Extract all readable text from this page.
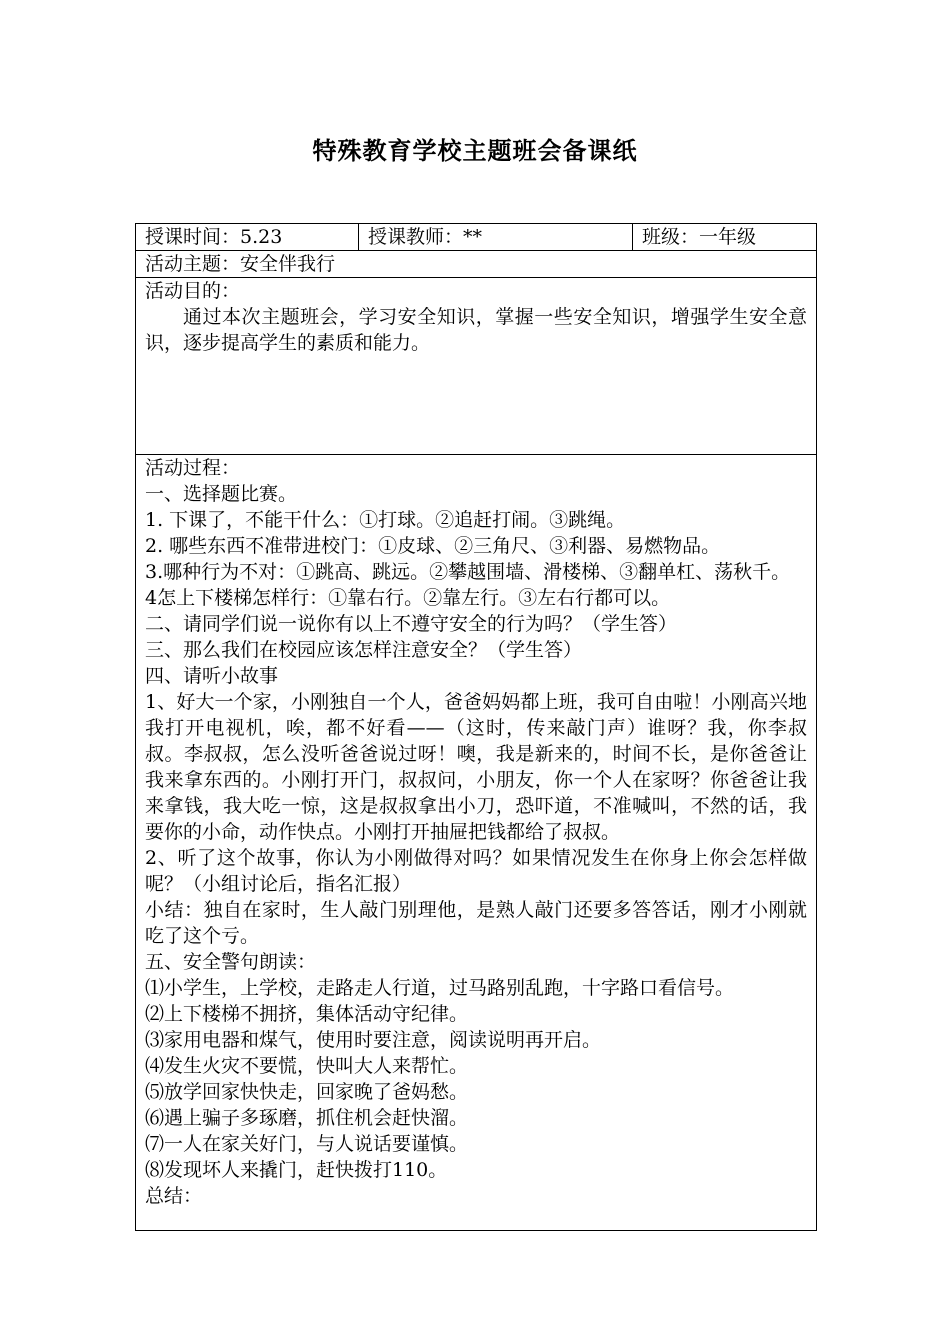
特殊教育学校主题班会备课纸
授课时间：5.23	授课教师：**	班级：一年级
活动主题：安全伴我行

活动目的：
通过本次主题班会，学习安全知识，掌握一些安全知识，增强学生安全意识，逐步提高学生的素质和能力。

活动过程：
一、选择题比赛。
1. 下课了，不能干什么：①打球。②追赶打闹。③跳绳。
2. 哪些东西不准带进校门：①皮球、②三角尺、③利器、易燃物品。
3.哪种行为不对：①跳高、跳远。②攀越围墙、滑楼梯、③翻单杠、荡秋千。
4怎上下楼梯怎样行：①靠右行。②靠左行。③左右行都可以。
二、请同学们说一说你有以上不遵守安全的行为吗？（学生答）
三、那么我们在校园应该怎样注意安全？（学生答）
四、请听小故事
1、好大一个家，小刚独自一个人，爸爸妈妈都上班，我可自由啦！小刚高兴地我打开电视机，唉，都不好看——（这时，传来敲门声）谁呀？我，你李叔叔。李叔叔，怎么没听爸爸说过呀！噢，我是新来的，时间不长，是你爸爸让我来拿东西的。小刚打开门，叔叔问，小朋友，你一个人在家呀？你爸爸让我来拿钱，我大吃一惊，这是叔叔拿出小刀，恐吓道，不准喊叫，不然的话，我要你的小命，动作快点。小刚打开抽屉把钱都给了叔叔。
2、听了这个故事，你认为小刚做得对吗？如果情况发生在你身上你会怎样做呢？（小组讨论后，指名汇报）
小结：独自在家时，生人敲门别理他，是熟人敲门还要多答答话，刚才小刚就吃了这个亏。
五、安全警句朗读：
⑴小学生，上学校，走路走人行道，过马路别乱跑，十字路口看信号。
⑵上下楼梯不拥挤，集体活动守纪律。
⑶家用电器和煤气，使用时要注意，阅读说明再开启。
⑷发生火灾不要慌，快叫大人来帮忙。
⑸放学回家快快走，回家晚了爸妈愁。
⑹遇上骗子多琢磨，抓住机会赶快溜。
⑺一人在家关好门，与人说话要谨慎。
⑻发现坏人来撬门，赶快拨打110。
总结：
